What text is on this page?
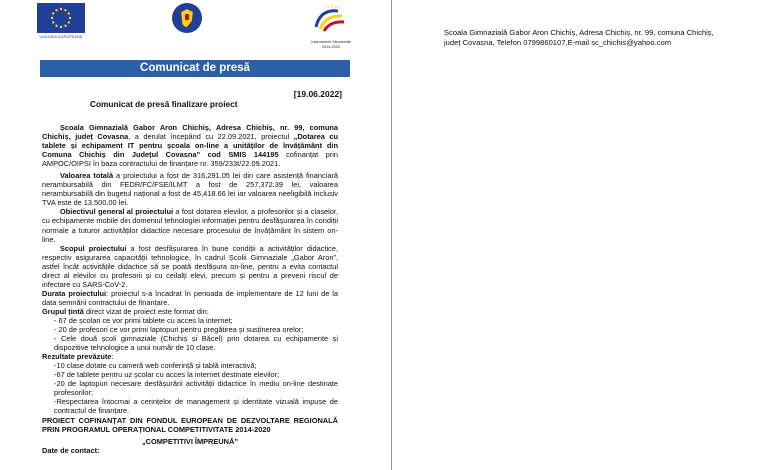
UNIUNEA EUROPEANĂ
Instrumente Structurale
2014-2020
Comunicat de presă
[19.06.2022]
Comunicat de presă finalizare proiect

Școala Gimnazială Gabor Aron Chichiș, Adresa Chichiș, nr. 99, comuna Chichiș, județ Covasna, a derulat începând cu 22.09.2021, proiectul „Dotarea cu tablete și echipament IT pentru școala on-line a unităților de învățământ din Comuna Chichiș din Județul Covasna” cod SMIS 144195 cofinanțat prin AMPOC/OIPSI în baza contractului de finanțare nr. 359/233t/22.09.2021.

Valoarea totală a proiectului a fost de 316,291.05 lei din care asistență financiară nerambursabilă din FEDR/FC/FSE/ILMT a fost de 257,372.39 lei, valoarea nerambursabilă din bugetul național a fost de 45,418.66 lei iar valoarea neeligibilă inclusiv TVA este de 13,500.00 lei.

Obiectivul general al proiectului a fost dotarea elevilor, a profesorilor și a claselor, cu echipamente mobile din domeniul tehnologiei informației pentru desfășurarea în condiții normale a tuturor activităților didactice necesare procesului de învățământ în sistem on-line.

Scopul proiectului a fost desfășurarea în bune condiții a activităților didactice, respectiv asigurarea capacității tehnologice, în cadrul Școlii Gimnaziale „Gabor Aron”, astfel încât activitățile didactice să se poată desfășura on-line, pentru a evita contactul direct al elevilor cu profesorii și cu ceilalți elevi, precum și pentru a preveni riscul de infectare cu SARS-CoV-2.

Durata proiectului: proiectul s-a încadrat în perioada de implementare de 12 luni de la data semnării contractului de finanțare.

Grupul țintă direct vizat de proiect este format din:

- 67 de școlari ce vor primi tablete cu acces la internet;

- 20 de profesori ce vor primi laptopuri pentru pregătirea și susținerea orelor;

- Cele două școli gimnaziale (Chichiș și Băcel) prin dotarea cu echipamente și dispozitive tehnologice a unui număr de 10 clase.

Rezultate prevăzute:

-10 clase dotate cu cameră web conferință și tablă interactivă;

-67 de tablete pentru uz școlar cu acces la internet destinate elevilor;

-20 de laptopuri necesare desfășurării activității didactice în mediu on-line destinate profesorilor;

-Respectarea întocmai a cerințelor de management și identitate vizuală impuse de contractul de finanțare.

PROIECT COFINANȚAT DIN FONDUL EUROPEAN DE DEZVOLTARE REGIONALĂ PRIN PROGRAMUL OPERAȚIONAL COMPETITIVITATE 2014-2020

„COMPETITIVI ÎMPREUNĂ”

Date de contact:

Școala Gimnazială Gabor Aron Chichiș, Adresa Chichiș, nr. 99, comuna Chichiș,
județ Covasna, Telefon 0799860107,E-mail sc_chichis@yahoo.com
